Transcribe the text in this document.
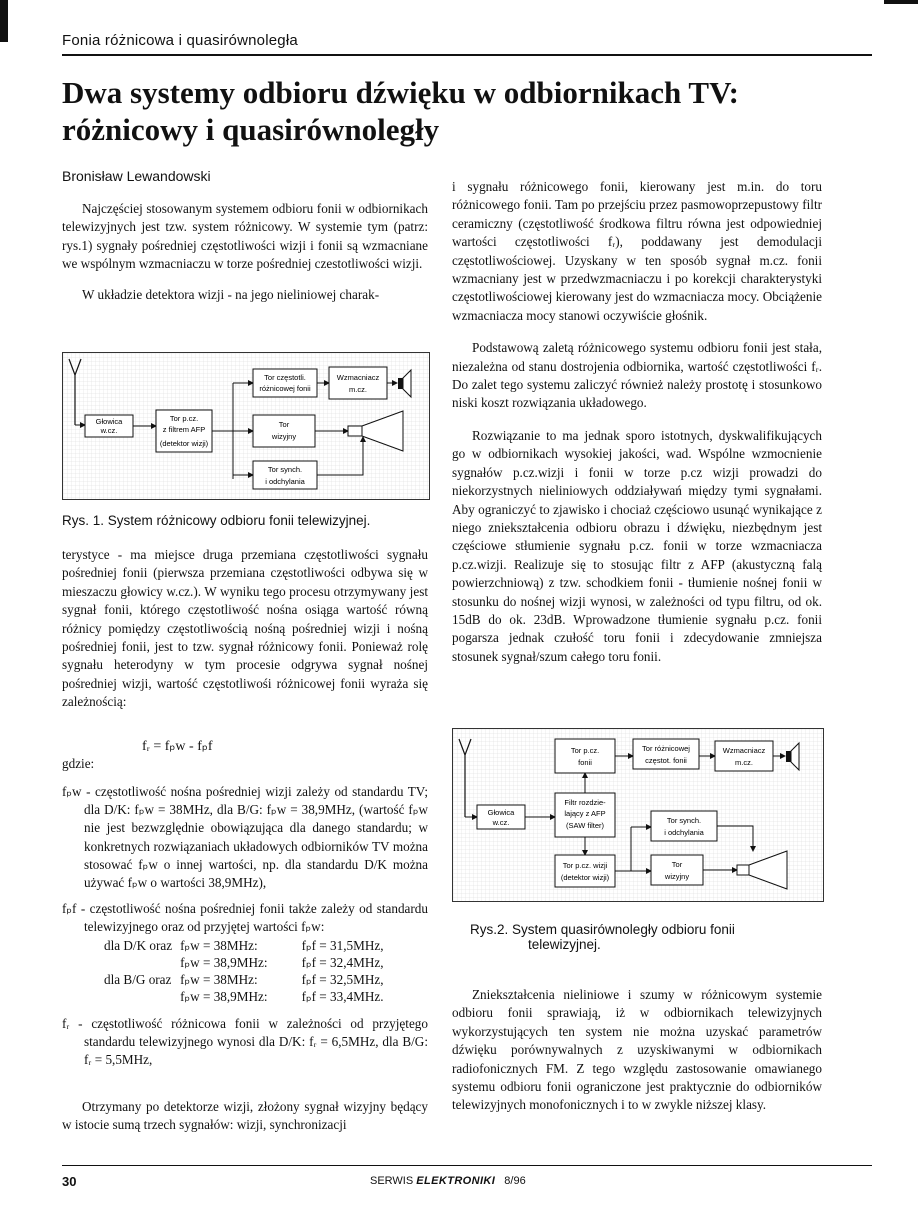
Fonia różnicowa i quasirównoległa
Dwa systemy odbioru dźwięku w odbiornikach TV: różnicowy i quasirównoległy
Bronisław Lewandowski

Najczęściej stosowanym systemem odbioru fonii w odbiornikach telewizyjnych jest tzw. system różnicowy. W systemie tym (patrz: rys.1) sygnały pośredniej częstotliwości wizji i fonii są wzmacniane we wspólnym wzmacniaczu w torze pośredniej czestotliwości wizji.

W układzie detektora wizji - na jego nieliniowej charak-

Głowica
w.cz.
Tor p.cz.
z filtrem AFP
(detektor wizji)
Tor częstotli.
różnicowej fonii
Wzmacniacz
m.cz.
Tor
wizyjny
Tor synch.
i odchylania
Rys. 1. System różnicowy odbioru fonii telewizyjnej.

terystyce - ma miejsce druga przemiana częstotliwości sygnału pośredniej fonii (pierwsza przemiana częstotliwości odbywa się w mieszaczu głowicy w.cz.). W wyniku tego procesu otrzymywany jest sygnał fonii, którego częstotliwość nośna osiąga wartość równą różnicy pomiędzy częstotliwością nośną pośredniej wizji i nośną pośredniej fonii, jest to tzw. sygnał różnicowy fonii. Ponieważ rolę sygnału heterodyny w tym procesie odgrywa sygnał nośnej pośredniej wizji, wartość częstotliwośi różnicowej fonii wyraża się zależnością:

fᵣ = fₚw - fₚf
gdzie:
fₚw - częstotliwość nośna pośredniej wizji zależy od standardu TV; dla D/K: fₚw = 38MHz, dla B/G: fₚw = 38,9MHz, (wartość fₚw nie jest bezwzględnie obowiązująca dla danego standardu; w konkretnych rozwiązaniach układowych odbiorników TV można stosować fₚw o innej wartości, np. dla standardu D/K można używać fₚw o wartości 38,9MHz),
fₚf - częstotliwość nośna pośredniej fonii także zależy od standardu telewizyjnego oraz od przyjętej wartości fₚw:
dla D/K oraz	fₚw = 38MHz:	fₚf = 31,5MHz,
	fₚw = 38,9MHz:	fₚf = 32,4MHz,
dla B/G oraz	fₚw = 38MHz:	fₚf = 32,5MHz,
	fₚw = 38,9MHz:	fₚf = 33,4MHz.
fᵣ - częstotliwość różnicowa fonii w zależności od przyjętego standardu telewizyjnego wynosi dla D/K: fᵣ = 6,5MHz, dla B/G: fᵣ = 5,5MHz,

Otrzymany po detektorze wizji, złożony sygnał wizyjny będący w istocie sumą trzech sygnałów: wizji, synchronizacji

i sygnału różnicowego fonii, kierowany jest m.in. do toru różnicowego fonii. Tam po przejściu przez pasmowoprzepustowy filtr ceramiczny (częstotliwość środkowa filtru równa jest odpowiedniej wartości częstotliwości fᵣ), poddawany jest demodulacji częstotliwościowej. Uzyskany w ten sposób sygnał m.cz. fonii wzmacniany jest w przedwzmacniaczu i po korekcji charakterystyki częstotliwościowej kierowany jest do wzmacniacza mocy. Obciążenie wzmacniacza mocy stanowi oczywiście głośnik.

Podstawową zaletą różnicowego systemu odbioru fonii jest stała, niezależna od stanu dostrojenia odbiornika, wartość częstotliwości fᵣ. Do zalet tego systemu zaliczyć również należy prostotę i stosunkowo niski koszt rozwiązania układowego.

Rozwiązanie to ma jednak sporo istotnych, dyskwalifikujących go w odbiornikach wysokiej jakości, wad. Wspólne wzmocnienie sygnałów p.cz.wizji i fonii w torze p.cz wizji prowadzi do niekorzystnych nieliniowych oddziaływań między tymi sygnałami. Aby ograniczyć to zjawisko i chociaż częściowo usunąć wynikające z niego zniekształcenia odbioru obrazu i dźwięku, niezbędnym jest częściowe stłumienie sygnału p.cz. fonii w torze wzmacniacza p.cz.wizji. Realizuje się to stosując filtr z AFP (akustyczną falą powierzchniową) z tzw. schodkiem fonii - tłumienie nośnej fonii w stosunku do nośnej wizji wynosi, w zależności od typu filtru, od ok. 15dB do ok. 23dB. Wprowadzone tłumienie sygnału p.cz. fonii pogarsza jednak czułość toru fonii i zdecydowanie zmniejsza stosunek sygnał/szum całego toru fonii.

Głowica
w.cz.
Filtr rozdzie-
lający z AFP
(SAW filter)
Tor p.cz.
fonii
Tor różnicowej
częstot. fonii
Wzmacniacz
m.cz.
Tor p.cz. wizji
(detektor wizji)
Tor synch.
i odchylania
Tor
wizyjny
Rys.2. System quasirównoległy odbioru fonii
telewizyjnej.

Zniekształcenia nieliniowe i szumy w różnicowym systemie odbioru fonii sprawiają, iż w odbiornikach telewizyjnych wykorzystujących ten system nie można uzyskać parametrów dźwięku porównywalnych z uzyskiwanymi w odbiornikach radiofonicznych FM. Z tego względu zastosowanie omawianego systemu odbioru fonii ograniczone jest praktycznie do odbiorników telewizyjnych monofonicznych i to w zwykle niższej klasy.

30	SERWIS ELEKTRONIKI 8/96
